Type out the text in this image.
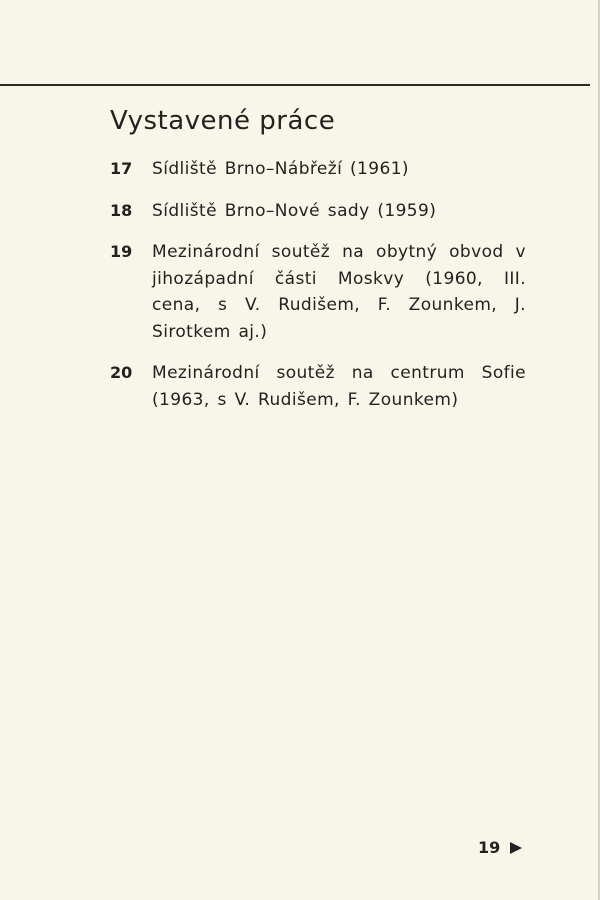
Vystavené práce
17	Sídliště Brno–Nábřeží (1961)
18	Sídliště Brno–Nové sady (1959)
19	Mezinárodní soutěž na obytný obvod v jihozápadní části Moskvy (1960, III. cena, s V. Rudišem, F. Zounkem, J. Sirotkem aj.)
20	Mezinárodní soutěž na centrum Sofie (1963, s V. Rudišem, F. Zounkem)
19
